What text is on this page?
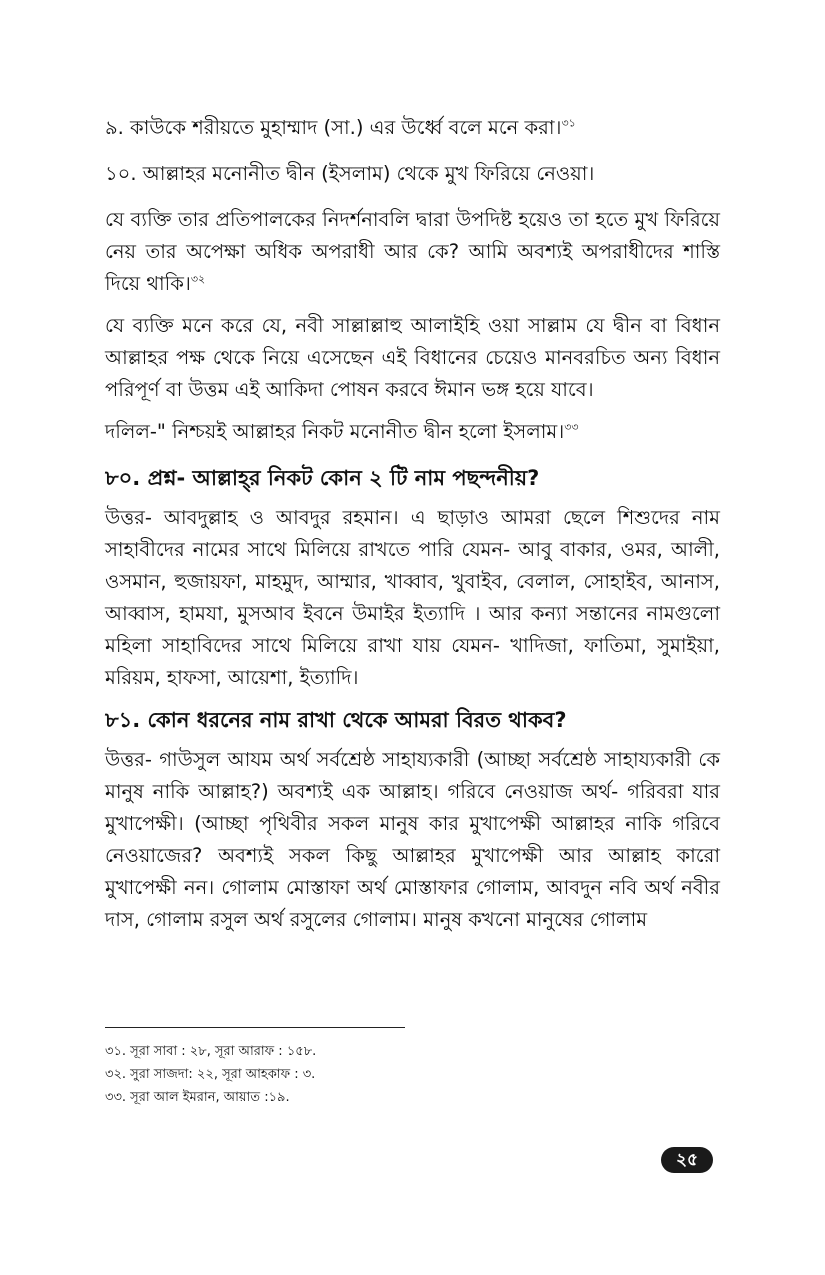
৯. কাউকে শরীয়তে মুহাম্মাদ (সা.) এর উর্ধ্বে বলে মনে করা।$^{৩১}$

১০. আল্লাহর মনোনীত দ্বীন (ইসলাম) থেকে মুখ ফিরিয়ে নেওয়া।

যে ব্যক্তি তার প্রতিপালকের নিদর্শনাবলি দ্বারা উপদিষ্ট হয়েও তা হতে মুখ ফিরিয়ে নেয় তার অপেক্ষা অধিক অপরাধী আর কে? আমি অবশ্যই অপরাধীদের শাস্তি দিয়ে থাকি।$^{৩২}$

যে ব্যক্তি মনে করে যে, নবী সাল্লাল্লাহু আলাইহি ওয়া সাল্লাম যে দ্বীন বা বিধান আল্লাহর পক্ষ থেকে নিয়ে এসেছেন এই বিধানের চেয়েও মানবরচিত অন্য বিধান পরিপূর্ণ বা উত্তম এই আকিদা পোষন করবে ঈমান ভঙ্গ হয়ে যাবে।

দলিল-" নিশ্চয়ই আল্লাহর নিকট মনোনীত দ্বীন হলো ইসলাম।$^{৩৩}$

৮০. প্রশ্ন- আল্লাহ্‌র নিকট কোন ২ টি নাম পছন্দনীয়?

উত্তর- আবদুল্লাহ ও আবদুর রহমান। এ ছাড়াও আমরা ছেলে শিশুদের নাম সাহাবীদের নামের সাথে মিলিয়ে রাখতে পারি যেমন- আবু বাকার, ওমর, আলী, ওসমান, হুজায়ফা, মাহমুদ, আম্মার, খাব্বাব, খুবাইব, বেলাল, সোহাইব, আনাস, আব্বাস, হামযা, মুসআব ইবনে উমাইর ইত্যাদি । আর কন্যা সন্তানের নামগুলো মহিলা সাহাবিদের সাথে মিলিয়ে রাখা যায় যেমন- খাদিজা, ফাতিমা, সুমাইয়া, মরিয়ম, হাফসা, আয়েশা, ইত্যাদি।

৮১. কোন ধরনের নাম রাখা থেকে আমরা বিরত থাকব?

উত্তর- গাউসুল আযম অর্থ সর্বশ্রেষ্ঠ সাহায্যকারী (আচ্ছা সর্বশ্রেষ্ঠ সাহায্যকারী কে মানুষ নাকি আল্লাহ?) অবশ্যই এক আল্লাহ। গরিবে নেওয়াজ অর্থ- গরিবরা যার মুখাপেক্ষী। (আচ্ছা পৃথিবীর সকল মানুষ কার মুখাপেক্ষী আল্লাহর নাকি গরিবে নেওয়াজের? অবশ্যই সকল কিছু আল্লাহর মুখাপেক্ষী আর আল্লাহ কারো মুখাপেক্ষী নন। গোলাম মোস্তাফা অর্থ মোস্তাফার গোলাম, আবদুন নবি অর্থ নবীর দাস, গোলাম রসুল অর্থ রসুলের গোলাম। মানুষ কখনো মানুষের গোলাম

৩১. সূরা সাবা : ২৮, সূরা আরাফ : ১৫৮.

৩২. সুরা সাজদা: ২২, সূরা আহকাফ : ৩.

৩৩. সূরা আল ইমরান, আয়াত :১৯.

২৫
